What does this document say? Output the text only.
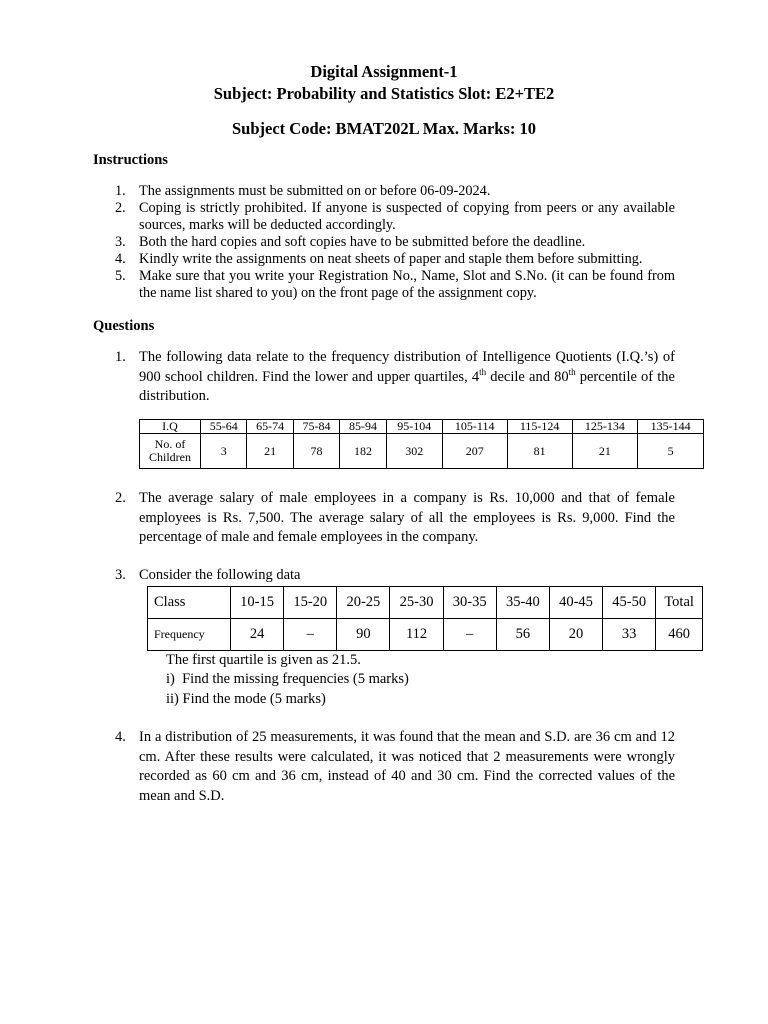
Digital Assignment-1
Subject: Probability and Statistics Slot: E2+TE2
Subject Code: BMAT202L Max. Marks: 10
Instructions
1. The assignments must be submitted on or before 06-09-2024.
2. Coping is strictly prohibited. If anyone is suspected of copying from peers or any available sources, marks will be deducted accordingly.
3. Both the hard copies and soft copies have to be submitted before the deadline.
4. Kindly write the assignments on neat sheets of paper and staple them before submitting.
5. Make sure that you write your Registration No., Name, Slot and S.No. (it can be found from the name list shared to you) on the front page of the assignment copy.
Questions
1. The following data relate to the frequency distribution of Intelligence Quotients (I.Q.’s) of 900 school children. Find the lower and upper quartiles, 4th decile and 80th percentile of the distribution.
I.Q	55-64	65-74	75-84	85-94	95-104	105-114	115-124	125-134	135-144
No. of
Children	3	21	78	182	302	207	81	21	5
2. The average salary of male employees in a company is Rs. 10,000 and that of female employees is Rs. 7,500. The average salary of all the employees is Rs. 9,000. Find the percentage of male and female employees in the company.
3. Consider the following data
Class	10-15	15-20	20-25	25-30	30-35	35-40	40-45	45-50	Total
Frequency	24	–	90	112	–	56	20	33	460
The first quartile is given as 21.5.
i) Find the missing frequencies (5 marks)
ii) Find the mode (5 marks)
4. In a distribution of 25 measurements, it was found that the mean and S.D. are 36 cm and 12 cm. After these results were calculated, it was noticed that 2 measurements were wrongly recorded as 60 cm and 36 cm, instead of 40 and 30 cm. Find the corrected values of the mean and S.D.
